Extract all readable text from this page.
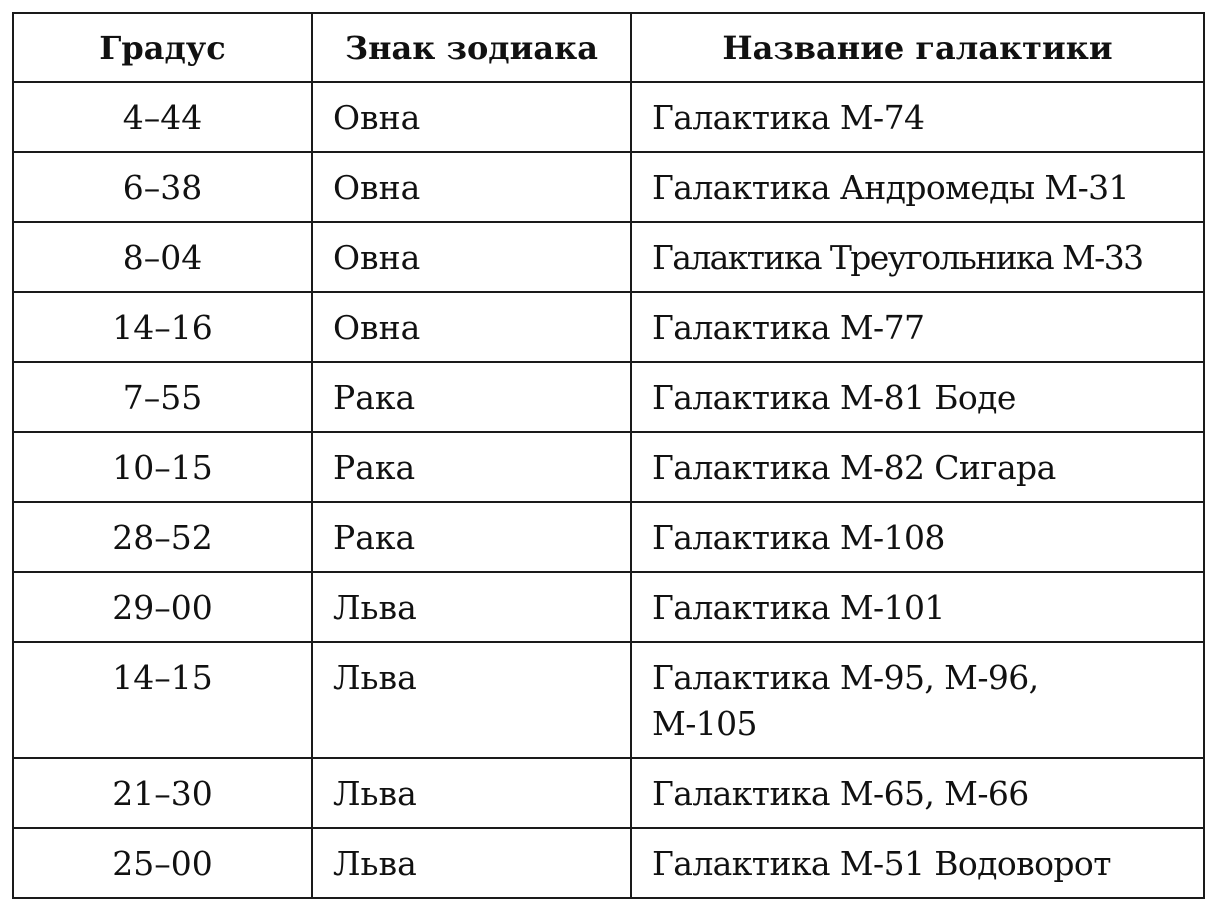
Градус	Знак зодиака	Название галактики
4–44	Овна	Галактика М-74
6–38	Овна	Галактика Андромеды М-31
8–04	Овна	Галактика Треугольника М-33
14–16	Овна	Галактика М-77
7–55	Рака	Галактика М-81 Боде
10–15	Рака	Галактика М-82 Сигара
28–52	Рака	Галактика М-108
29–00	Льва	Галактика М-101
14–15	Льва	Галактика М-95, М-96, М-105
21–30	Льва	Галактика М-65, М-66
25–00	Льва	Галактика М-51 Водоворот
